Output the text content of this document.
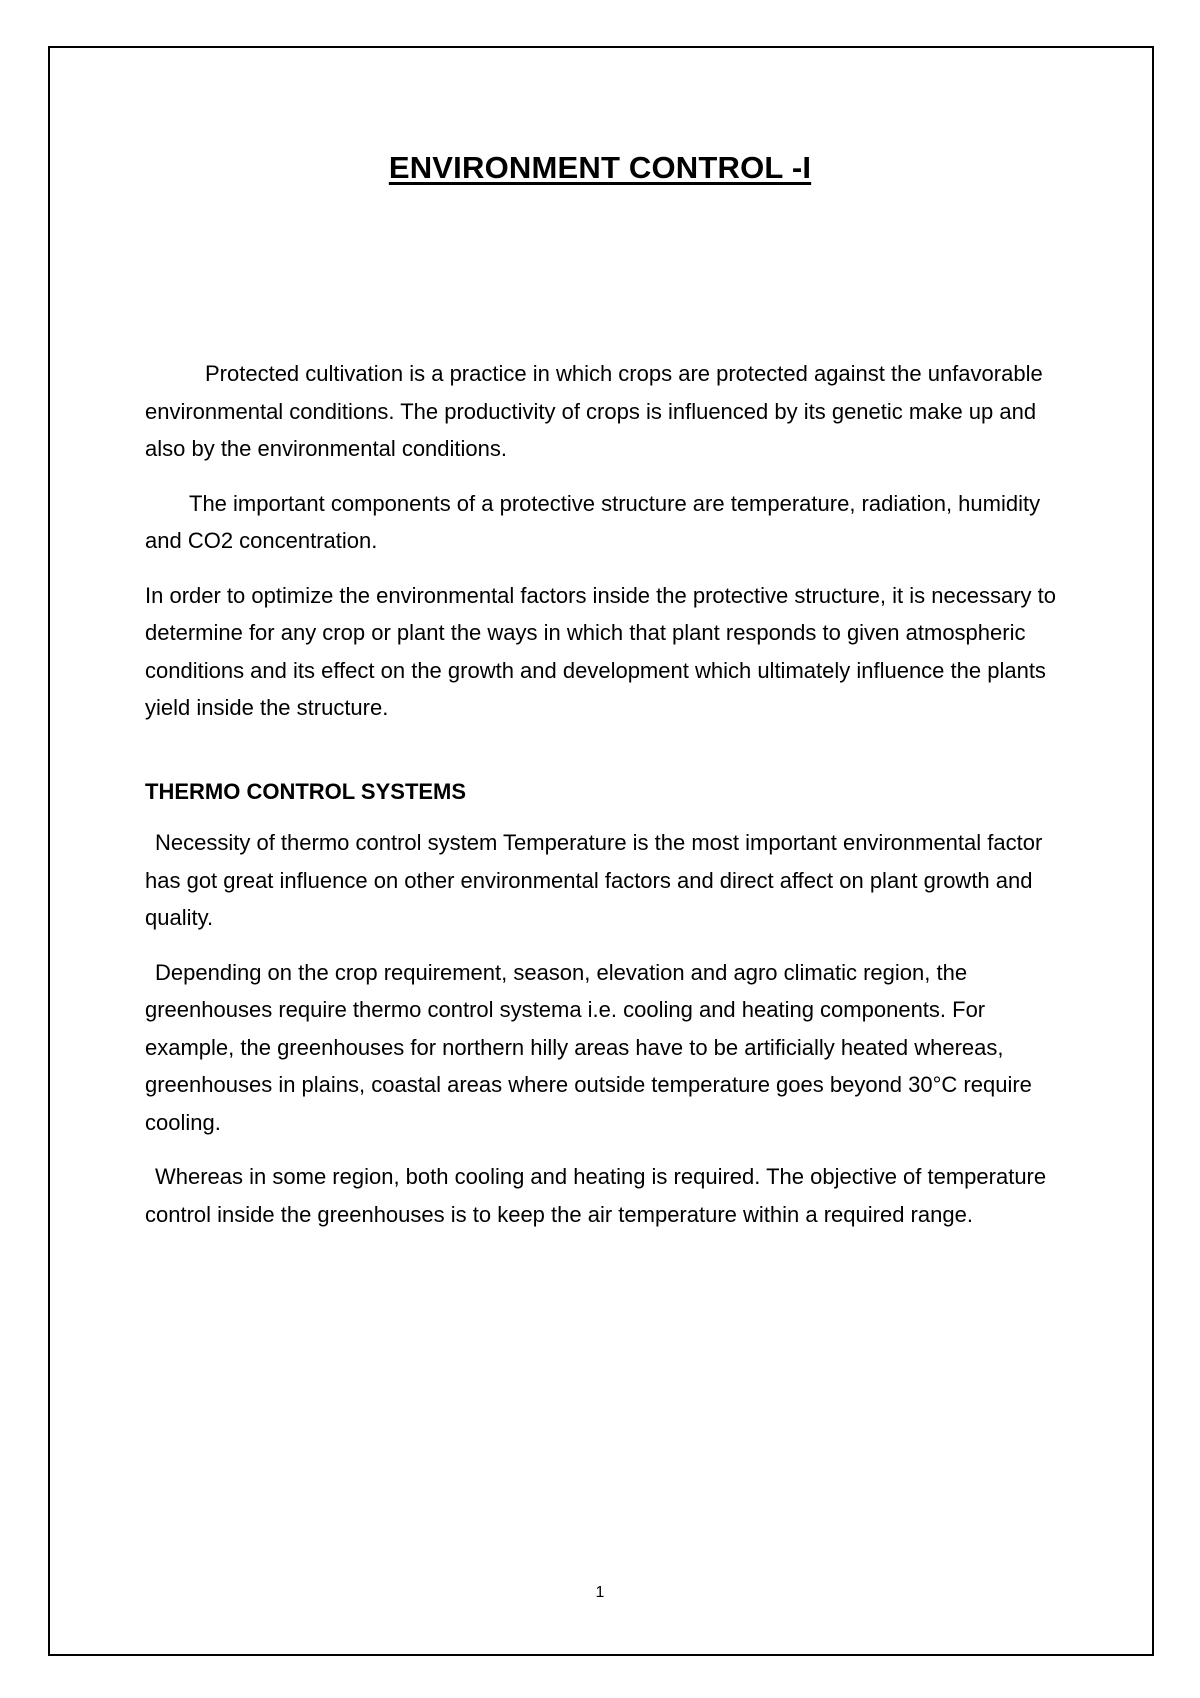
ENVIRONMENT CONTROL -I

Protected cultivation is a practice in which crops are protected against the unfavorable environmental conditions. The productivity of crops is influenced by its genetic make up and also by the environmental conditions.

The important components of a protective structure are temperature, radiation, humidity and CO2 concentration.

In order to optimize the environmental factors inside the protective structure, it is necessary to determine for any crop or plant the ways in which that plant responds to given atmospheric conditions and its effect on the growth and development which ultimately influence the plants yield inside the structure.

THERMO CONTROL SYSTEMS

Necessity of thermo control system Temperature is the most important environmental factor has got great influence on other environmental factors and direct affect on plant growth and quality.

Depending on the crop requirement, season, elevation and agro climatic region, the greenhouses require thermo control systema i.e. cooling and heating components. For example, the greenhouses for northern hilly areas have to be artificially heated whereas, greenhouses in plains, coastal areas where outside temperature goes beyond 30°C require cooling.

Whereas in some region, both cooling and heating is required. The objective of temperature control inside the greenhouses is to keep the air temperature within a required range.

1
